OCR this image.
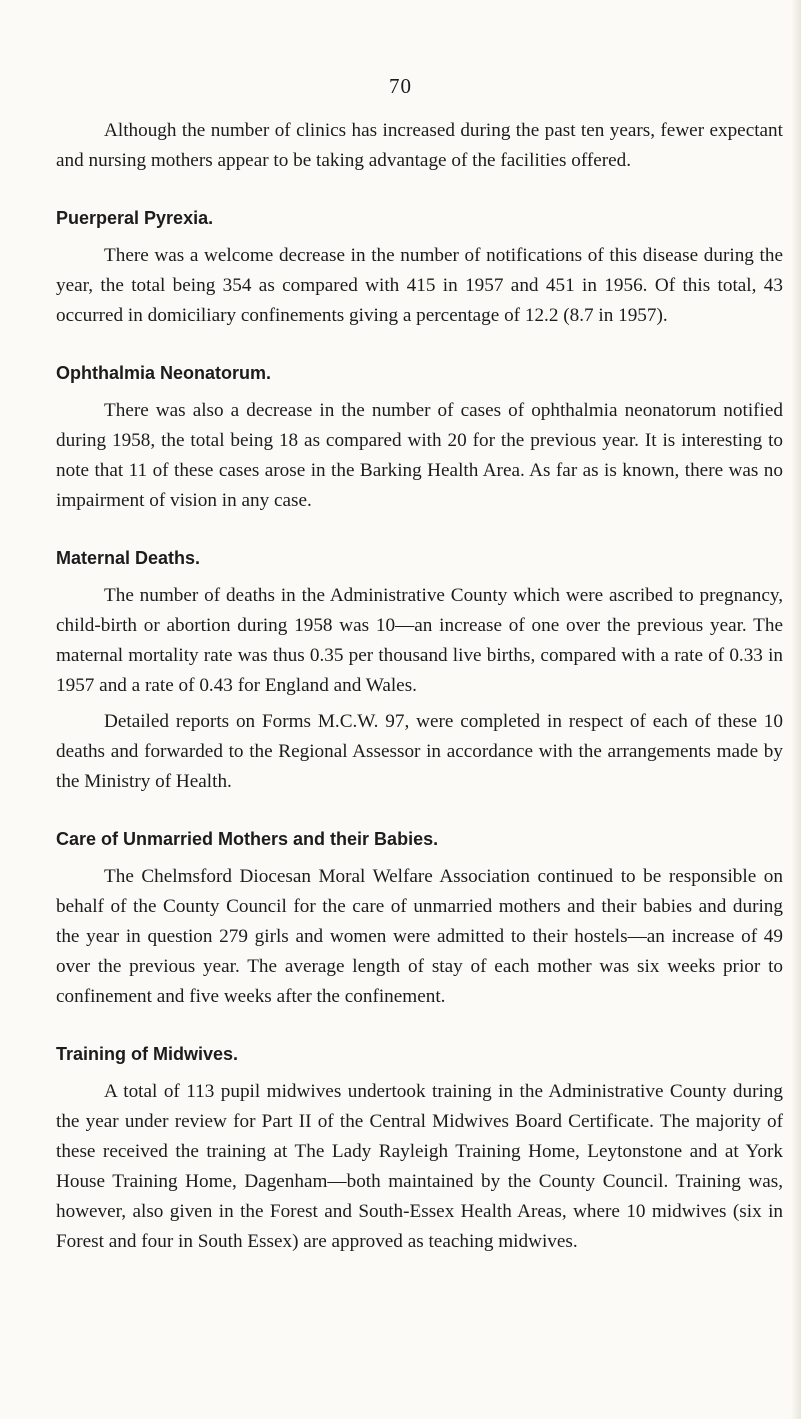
70

Although the number of clinics has increased during the past ten years, fewer expectant and nursing mothers appear to be taking advantage of the facilities offered.

Puerperal Pyrexia.

There was a welcome decrease in the number of notifications of this disease during the year, the total being 354 as compared with 415 in 1957 and 451 in 1956. Of this total, 43 occurred in domiciliary confinements giving a percentage of 12.2 (8.7 in 1957).

Ophthalmia Neonatorum.

There was also a decrease in the number of cases of ophthalmia neonatorum notified during 1958, the total being 18 as compared with 20 for the previous year. It is interesting to note that 11 of these cases arose in the Barking Health Area. As far as is known, there was no impairment of vision in any case.

Maternal Deaths.

The number of deaths in the Administrative County which were ascribed to pregnancy, child-birth or abortion during 1958 was 10—an increase of one over the previous year. The maternal mortality rate was thus 0.35 per thousand live births, compared with a rate of 0.33 in 1957 and a rate of 0.43 for England and Wales.

Detailed reports on Forms M.C.W. 97, were completed in respect of each of these 10 deaths and forwarded to the Regional Assessor in accordance with the arrangements made by the Ministry of Health.

Care of Unmarried Mothers and their Babies.

The Chelmsford Diocesan Moral Welfare Association continued to be responsible on behalf of the County Council for the care of unmarried mothers and their babies and during the year in question 279 girls and women were admitted to their hostels—an increase of 49 over the previous year. The average length of stay of each mother was six weeks prior to confinement and five weeks after the confinement.

Training of Midwives.

A total of 113 pupil midwives undertook training in the Administrative County during the year under review for Part II of the Central Midwives Board Certificate. The majority of these received the training at The Lady Rayleigh Training Home, Leytonstone and at York House Training Home, Dagenham—both maintained by the County Council. Training was, however, also given in the Forest and South-Essex Health Areas, where 10 midwives (six in Forest and four in South Essex) are approved as teaching midwives.
